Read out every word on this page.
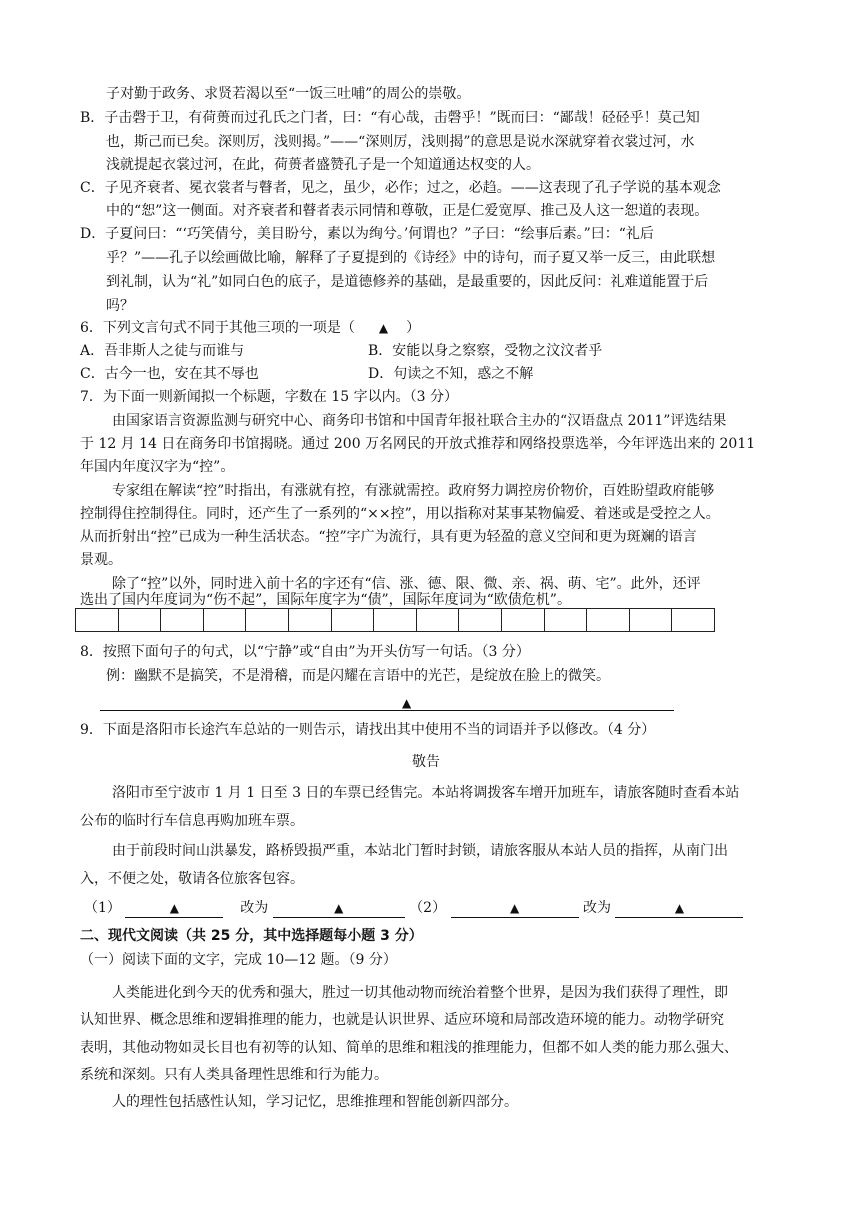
子对勤于政务、求贤若渴以至“一饭三吐哺”的周公的崇敬。
B．子击磬于卫，有荷蒉而过孔氏之门者，曰：“有心哉，击磬乎！”既而曰：“鄙哉！硁硁乎！莫己知
也，斯己而已矣。深则厉，浅则揭。”——“深则厉，浅则揭”的意思是说水深就穿着衣裳过河，水
浅就提起衣裳过河，在此，荷蒉者盛赞孔子是一个知道通达权变的人。
C．子见齐衰者、冕衣裳者与瞽者，见之，虽少，必作；过之，必趋。——这表现了孔子学说的基本观念
中的“恕”这一侧面。对齐衰者和瞽者表示同情和尊敬，正是仁爱宽厚、推己及人这一恕道的表现。
D．子夏问曰：“‘巧笑倩兮，美目盼兮，素以为绚兮。’何谓也？”子曰：“绘事后素。”曰：“礼后
乎？”——孔子以绘画做比喻，解释了子夏提到的《诗经》中的诗句，而子夏又举一反三，由此联想
到礼制，认为“礼”如同白色的底子，是道德修养的基础，是最重要的，因此反问：礼难道能置于后
吗？
6．下列文言句式不同于其他三项的一项是（ ▲ ）
A．吾非斯人之徒与而谁与	B．安能以身之察察，受物之汶汶者乎
C．古今一也，安在其不辱也	D．句读之不知，惑之不解
7．为下面一则新闻拟一个标题，字数在 15 字以内。（3 分）
由国家语言资源监测与研究中心、商务印书馆和中国青年报社联合主办的“汉语盘点 2011”评选结果
于 12 月 14 日在商务印书馆揭晓。通过 200 万名网民的开放式推荐和网络投票选举，今年评选出来的 2011
年国内年度汉字为“控”。
专家组在解读“控”时指出，有涨就有控，有涨就需控。政府努力调控房价物价，百姓盼望政府能够
控制得住控制得住。同时，还产生了一系列的“××控”，用以指称对某事某物偏爱、着迷或是受控之人。
从而折射出“控”已成为一种生活状态。“控”字广为流行，具有更为轻盈的意义空间和更为斑斓的语言
景观。
除了“控”以外，同时进入前十名的字还有“信、涨、德、限、微、亲、祸、萌、宅”。此外，还评
选出了国内年度词为“伤不起”，国际年度字为“债”，国际年度词为“欧债危机”。
8．按照下面句子的句式，以“宁静”或“自由”为开头仿写一句话。（3 分）
例：幽默不是搞笑，不是滑稽，而是闪耀在言语中的光芒，是绽放在脸上的微笑。
▲
9．下面是洛阳市长途汽车总站的一则告示，请找出其中使用不当的词语并予以修改。（4 分）
敬告
洛阳市至宁波市 1 月 1 日至 3 日的车票已经售完。本站将调拨客车增开加班车，请旅客随时查看本站
公布的临时行车信息再购加班车票。
由于前段时间山洪暴发，路桥毁损严重，本站北门暂时封锁，请旅客服从本站人员的指挥，从南门出
入，不便之处，敬请各位旅客包容。
（1）	▲	改为	▲	（2）	▲	改为	▲
二、现代文阅读（共 25 分，其中选择题每小题 3 分）
（一）阅读下面的文字，完成 10—12 题。（9 分）
人类能进化到今天的优秀和强大，胜过一切其他动物而统治着整个世界，是因为我们获得了理性，即
认知世界、概念思维和逻辑推理的能力，也就是认识世界、适应环境和局部改造环境的能力。动物学研究
表明，其他动物如灵长目也有初等的认知、简单的思维和粗浅的推理能力，但都不如人类的能力那么强大、
系统和深刻。只有人类具备理性思维和行为能力。
人的理性包括感性认知，学习记忆，思维推理和智能创新四部分。
